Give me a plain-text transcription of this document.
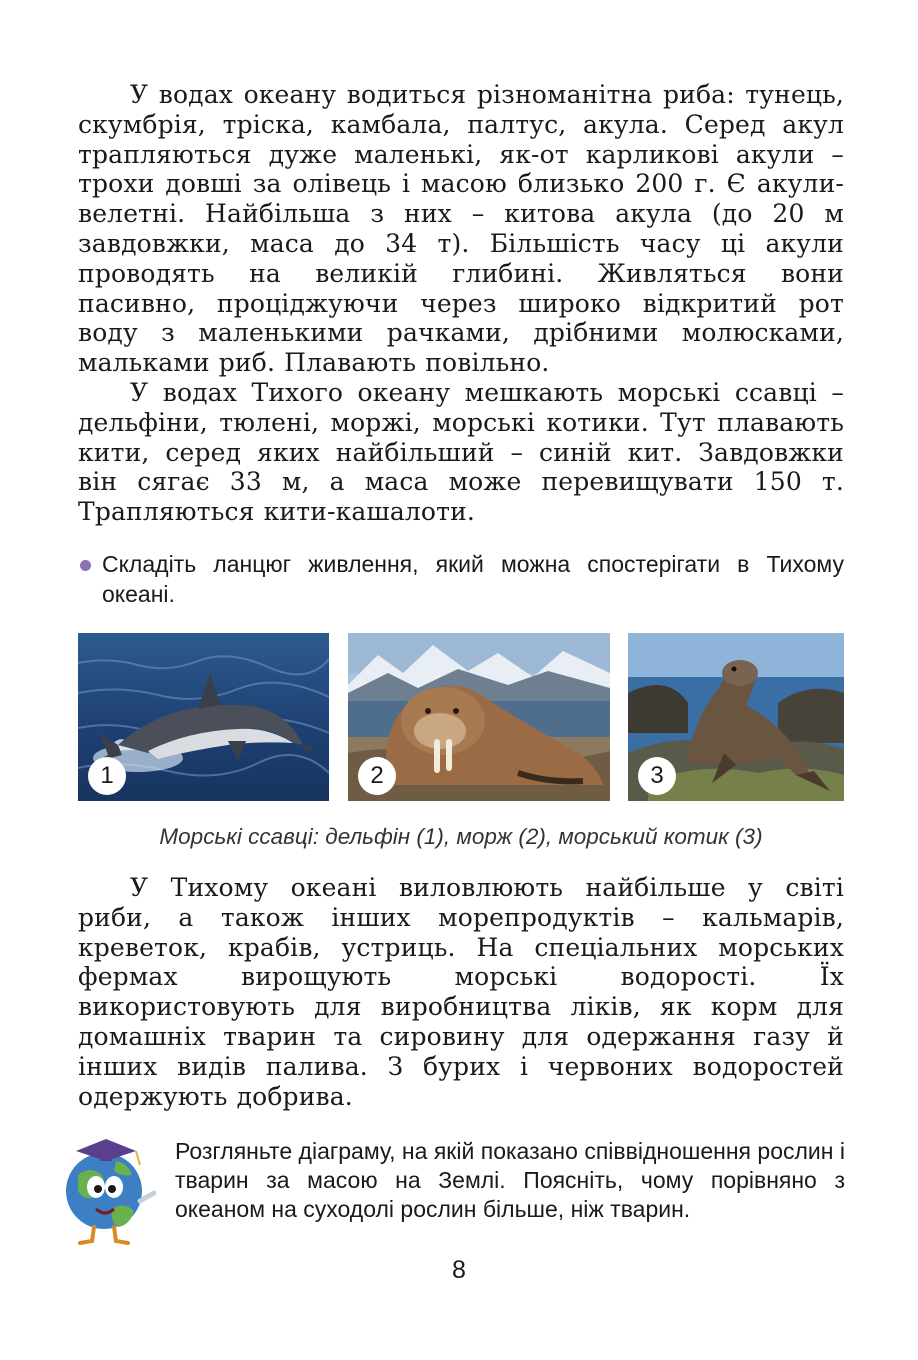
У водах океану водиться різноманітна риба: тунець, скумбрія, тріска, камбала, палтус, акула. Серед акул трапляються дуже маленькі, як-от карликові акули – трохи довші за олівець і масою близько 200 г. Є акули-велетні. Найбільша з них – китова акула (до 20 м завдовжки, маса до 34 т). Більшість часу ці акули проводять на великій глибині. Живляться вони пасивно, проціджуючи через широко відкритий рот воду з маленькими рачками, дрібними молюсками, мальками риб. Плавають повільно.

У водах Тихого океану мешкають морські ссавці – дельфіни, тюлені, моржі, морські котики. Тут плавають кити, серед яких найбільший – синій кит. Завдовжки він сягає 33 м, а маса може перевищувати 150 т. Трапляються кити-кашалоти.

Складіть ланцюг живлення, який можна спостерігати в Тихому океані.
1	2	3

Морські ссавці: дельфін (1), морж (2), морський котик (3)

У Тихому океані виловлюють найбільше у світі риби, а також інших морепродуктів – кальмарів, креветок, крабів, устриць. На спеціальних морських фермах вирощують морські водорості. Їх використовують для виробництва ліків, як корм для домашніх тварин та сировину для одержання газу й інших видів палива. З бурих і червоних водоростей одержують добрива.

Розгляньте діаграму, на якій показано співвідношення рослин і тварин за масою на Землі. Поясніть, чому порівняно з океаном на суходолі рослин більше, ніж тварин.
8
